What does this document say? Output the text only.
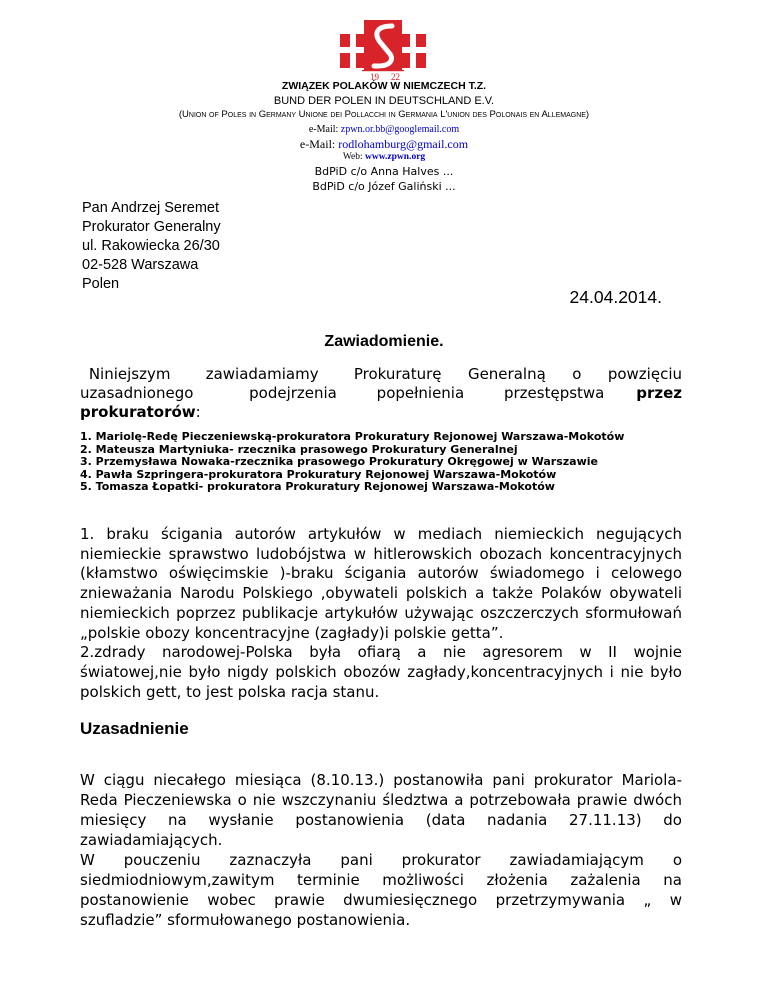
19 22
ZWIĄZEK POLAKÓW W NIEMCZECH T.Z.
BUND DER POLEN IN DEUTSCHLAND E.V.
(Union of Poles in Germany Unione dei Pollacchi in Germania L'union des Polonais en Allemagne)
e-Mail: zpwn.or.bb@googlemail.com
e-Mail: rodlohamburg@gmail.com
Web: www.zpwn.org
BdPiD c/o Anna Halves ...
BdPiD c/o Józef Galiński ...
Pan Andrzej Seremet
Prokurator Generalny
ul. Rakowiecka 26/30
02-528 Warszawa
Polen
24.04.2014.
Zawiadomienie.
Niniejszym    zawiadamiamy    Prokuraturę   Generalną   o   powzięciu
uzasadnionego       podejrzenia     popełnienia     przestępstwa    przez
prokuratorów:
1. Mariolę-Redę Pieczeniewską-prokuratora Prokuratury Rejonowej Warszawa-Mokotów
2. Mateusza Martyniuka- rzecznika prasowego Prokuratury Generalnej
3. Przemysława Nowaka-rzecznika prasowego Prokuratury Okręgowej w Warszawie
4. Pawła Szpringera-prokuratora Prokuratury Rejonowej Warszawa-Mokotów
5. Tomasza Łopatki- prokuratora Prokuratury Rejonowej Warszawa-Mokotów

1. braku ścigania autorów artykułów w mediach niemieckich negujących niemieckie sprawstwo ludobójstwa w hitlerowskich obozach koncentracyjnych (kłamstwo oświęcimskie )-braku ścigania autorów świadomego i celowego znieważania Narodu Polskiego ,obywateli polskich a także Polaków obywateli niemieckich poprzez publikacje artykułów używając oszczerczych sformułowań „polskie obozy koncentracyjne (zagłady)i polskie getta”.

2.zdrady narodowej-Polska była ofiarą a nie agresorem w II wojnie światowej,nie było nigdy polskich obozów zagłady,koncentracyjnych i nie było polskich gett, to jest polska racja stanu.

Uzasadnienie

W ciągu niecałego miesiąca (8.10.13.) postanowiła pani prokurator Mariola-Reda Pieczeniewska o nie wszczynaniu śledztwa a potrzebowała prawie dwóch miesięcy na wysłanie postanowienia (data nadania 27.11.13) do zawiadamiających.

W pouczeniu zaznaczyła pani prokurator zawiadamiającym o siedmiodniowym,zawitym terminie możliwości złożenia zażalenia na postanowienie wobec prawie dwumiesięcznego przetrzymywania „ w szufladzie” sformułowanego postanowienia.
